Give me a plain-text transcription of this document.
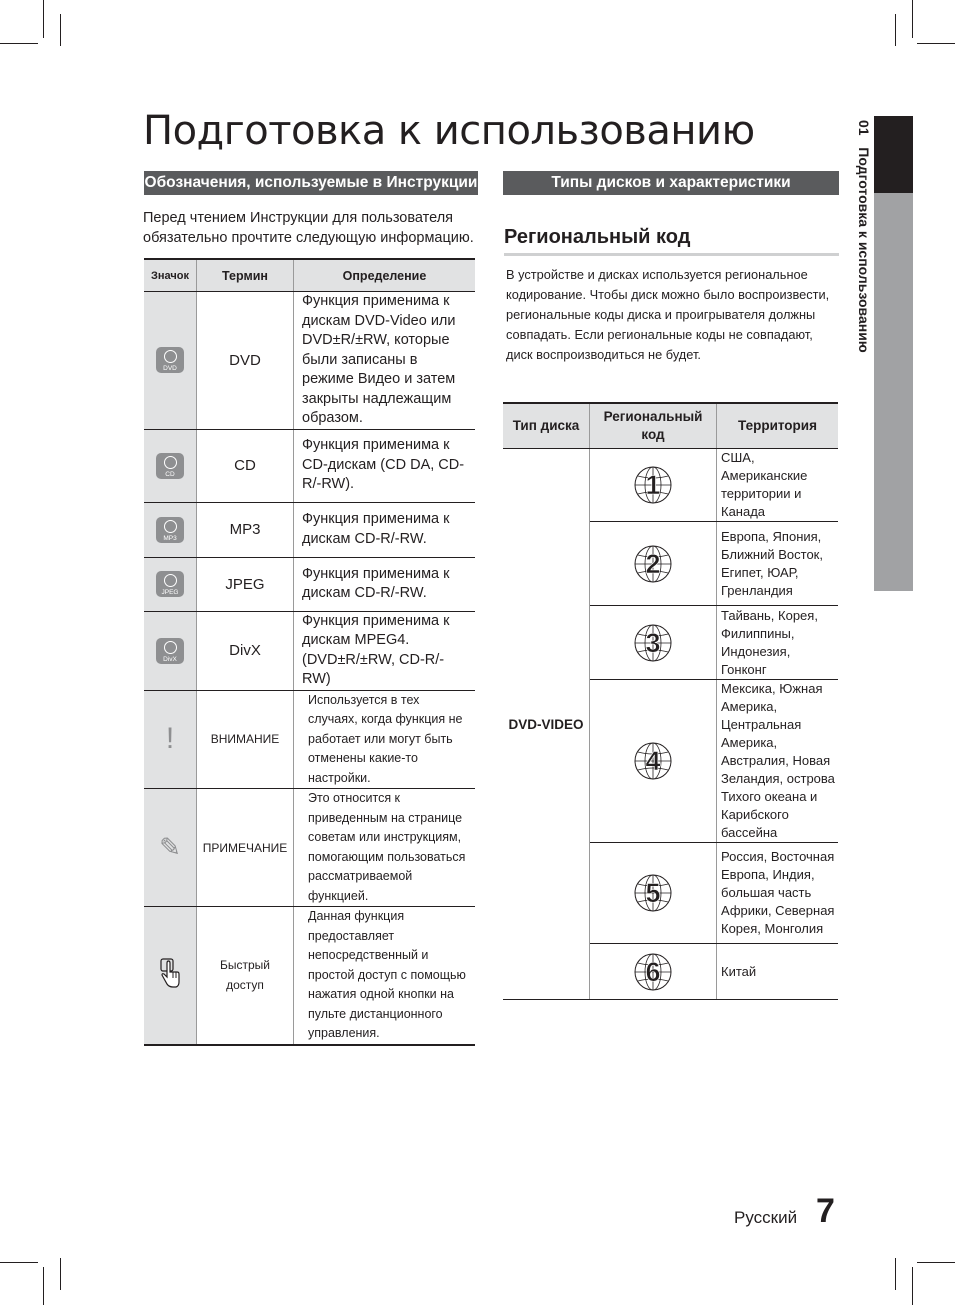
Подготовка к использованию
Обозначения, используемые в Инструкции
Перед чтением Инструкции для пользователя обязательно прочтите следующую информацию.
Значок	Термин	Определение

DVD	DVD	Функция применима к дискам DVD-Video или DVD±R/±RW, которые были записаны в режиме Видео и затем закрыты надлежащим образом.

CD	CD	Функция применима к CD-дискам (CD DA, CD-R/-RW).

MP3	MP3	Функция применима к дискам CD-R/-RW.

JPEG	JPEG	Функция применима к дискам CD-R/-RW.

DivX	DivX	Функция применима к дискам MPEG4. (DVD±R/±RW, CD-R/-RW)
!	ВНИМАНИЕ	Используется в тех случаях, когда функция не работает или могут быть отменены какие-то настройки.
✎	ПРИМЕЧАНИЕ	Это относится к приведенным на странице советам или инструкциям, помогающим пользоваться рассматриваемой функцией.
	Быстрый доступ	Данная функция предоставляет непосредственный и простой доступ с помощью нажатия одной кнопки на пульте дистанционного управления.
Типы дисков и характеристики
Региональный код
В устройстве и дисках используется региональное кодирование. Чтобы диск можно было воспроизвести, региональные коды диска и проигрывателя должны совпадать. Если региональные коды не совпадают, диск воспроизводиться не будет.
Тип диска	Региональный код	Территория
DVD-VIDEO	1	США, Американские территории и Канада

2	Европа, Япония, Ближний Восток, Египет, ЮАР, Гренландия

3	Тайвань, Корея, Филиппины, Индонезия, Гонконг

4	Мексика, Южная Америка, Центральная Америка, Австралия, Новая Зеландия, острова Тихого океана и Карибского бассейна

5	Россия, Восточная Европа, Индия, большая часть Африки, Северная Корея, Монголия

6	Китай
01   Подготовка к использованию
Русский 7
